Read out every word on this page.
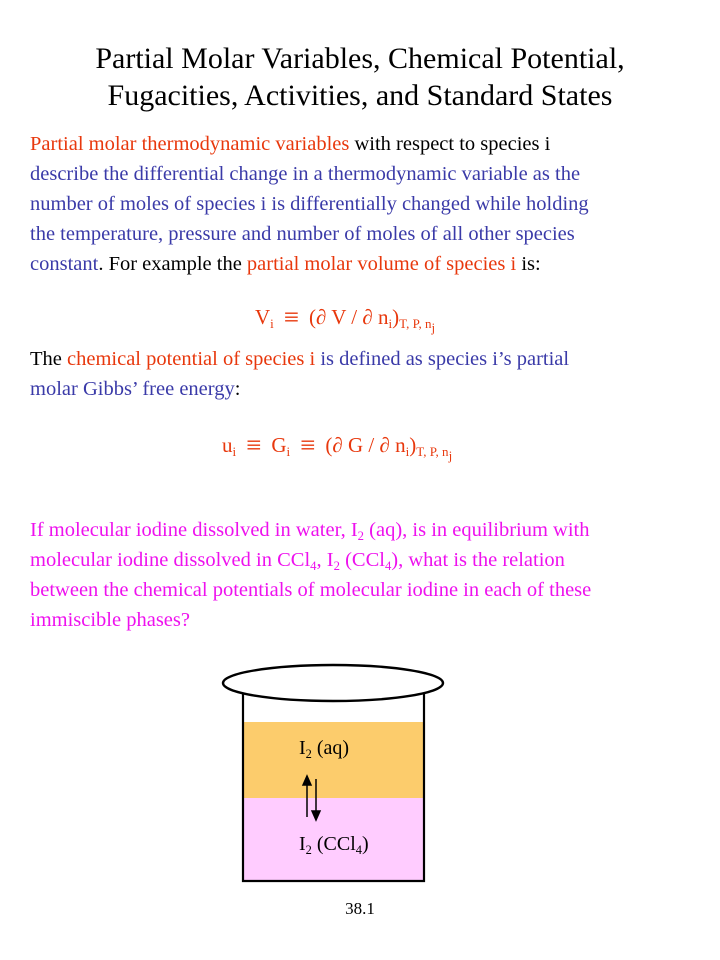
Partial Molar Variables, Chemical Potential,
Fugacities, Activities, and Standard States

Partial molar thermodynamic variables with respect to species i
describe the differential change in a thermodynamic variable as the
number of moles of species i is differentially changed while holding
the temperature, pressure and number of moles of all other species
constant. For example the partial molar volume of species i is:

$V_i$ ≡ (∂ V / ∂ $n_i)_{T, P, n_j}$

The chemical potential of species i is defined as species i’s partial
molar Gibbs’ free energy:

$u_i \equiv G_i$ ≡ (∂ G / ∂ $n_i)_{T, P, n_j}$

If molecular iodine dissolved in water, $I_2$ (aq), is in equilibrium with
molecular iodine dissolved in CCl$_4$, $I_2$ (CCl$_4$), what is the relation
between the chemical potentials of molecular iodine in each of these
immiscible phases?

$I_2$ (aq)
$I_2$ (CCl$_4$)
38.1
